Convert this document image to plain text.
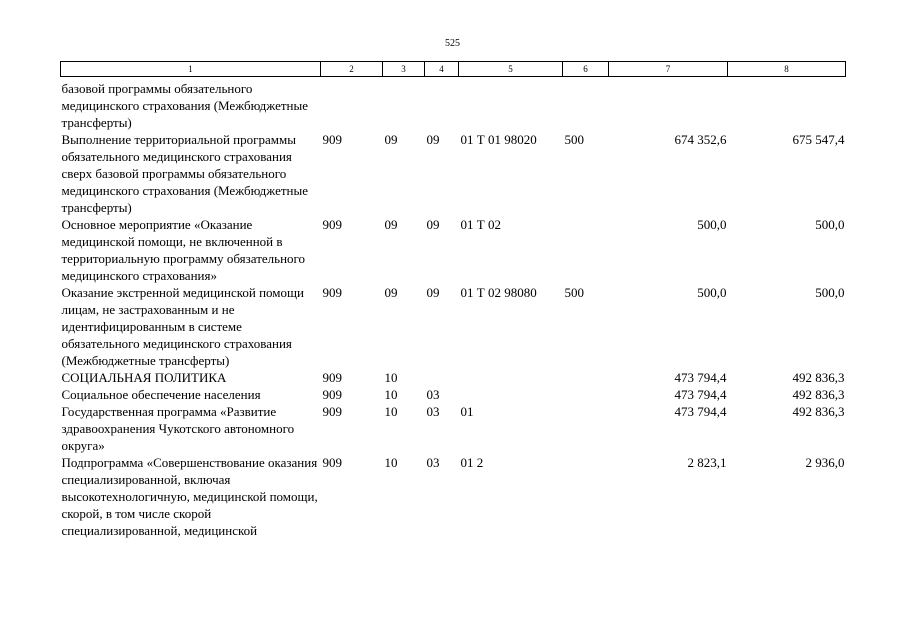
525
1	2	3	4	5	6	7	8

базовой программы обязательного медицинского страхования (Межбюджетные трансферты)							
Выполнение территориальной программы обязательного медицинского страхования сверх базовой программы обязательного медицинского страхования (Межбюджетные трансферты)	909	09	09	01 Т 01 98020	500	674 352,6	675 547,4
Основное мероприятие «Оказание медицинской помощи, не включенной в территориальную программу обязательного медицинского страхования»	909	09	09	01 Т 02		500,0	500,0
Оказание экстренной медицинской помощи лицам, не застрахованным и не идентифицированным в системе обязательного медицинского страхования (Межбюджетные трансферты)	909	09	09	01 Т 02 98080	500	500,0	500,0
СОЦИАЛЬНАЯ ПОЛИТИКА	909	10				473 794,4	492 836,3
Социальное обеспечение населения	909	10	03			473 794,4	492 836,3
Государственная программа «Развитие здравоохранения Чукотского автономного округа»	909	10	03	01		473 794,4	492 836,3
Подпрограмма «Совершенствование оказания специализированной, включая высокотехнологичную, медицинской помощи, скорой, в том числе скорой специализированной, медицинской	909	10	03	01 2		2 823,1	2 936,0
